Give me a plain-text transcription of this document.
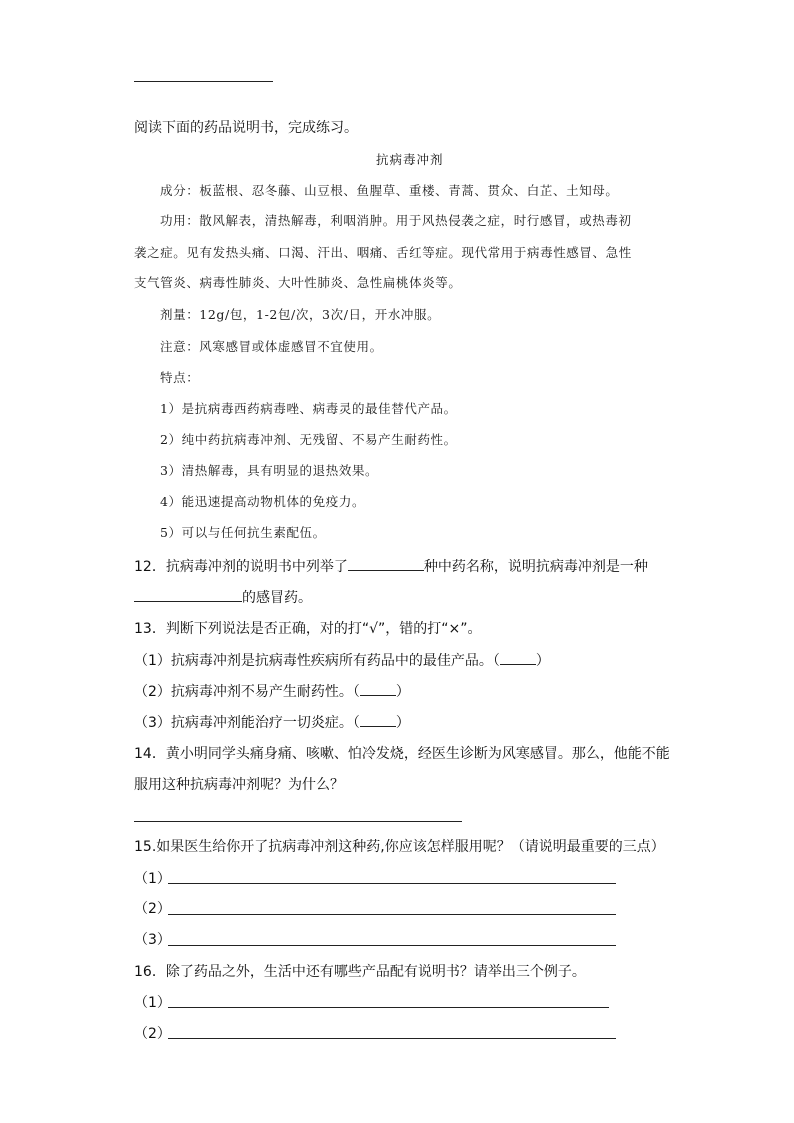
阅读下面的药品说明书，完成练习。
抗病毒冲剂
成分：板蓝根、忍冬藤、山豆根、鱼腥草、重楼、青蒿、贯众、白芷、土知母。
功用：散风解表，清热解毒，利咽消肿。用于风热侵袭之症，时行感冒，或热毒初
袭之症。见有发热头痛、口渴、汗出、咽痛、舌红等症。现代常用于病毒性感冒、急性
支气管炎、病毒性肺炎、大叶性肺炎、急性扁桃体炎等。
剂量：12g/包，1-2包/次，3次/日，开水冲服。
注意：风寒感冒或体虚感冒不宜使用。
特点：
1）是抗病毒西药病毒唑、病毒灵的最佳替代产品。
2）纯中药抗病毒冲剂、无残留、不易产生耐药性。
3）清热解毒，具有明显的退热效果。
4）能迅速提高动物机体的免疫力。
5）可以与任何抗生素配伍。
12．抗病毒冲剂的说明书中列举了	种中药名称，说明抗病毒冲剂是一种
的感冒药。
13．判断下列说法是否正确，对的打“√”，错的打“×”。
（1）抗病毒冲剂是抗病毒性疾病所有药品中的最佳产品。（	）
（2）抗病毒冲剂不易产生耐药性。（	）
（3）抗病毒冲剂能治疗一切炎症。（	）
14．黄小明同学头痛身痛、咳嗽、怕冷发烧，经医生诊断为风寒感冒。那么，他能不能
服用这种抗病毒冲剂呢？为什么？
15.如果医生给你开了抗病毒冲剂这种药,你应该怎样服用呢？（请说明最重要的三点）
（1）
（2）
（3）
16．除了药品之外，生活中还有哪些产品配有说明书？请举出三个例子。
（1）
（2）
